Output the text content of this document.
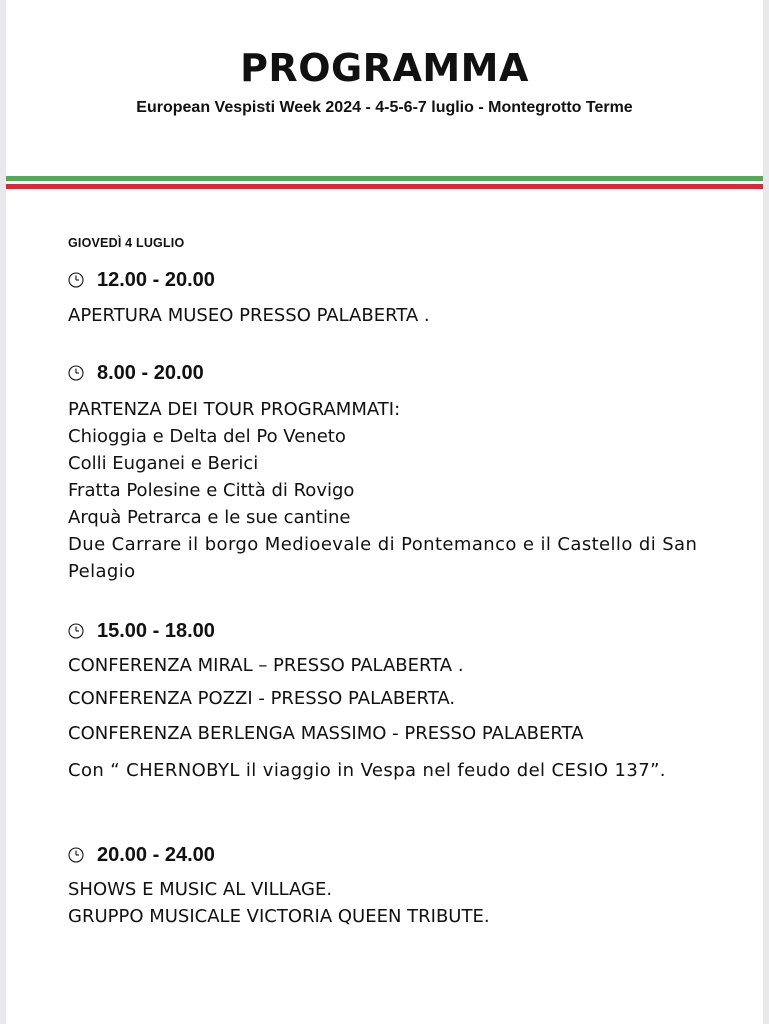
PROGRAMMA
European Vespisti Week 2024 - 4-5-6-7 luglio - Montegrotto Terme
GIOVEDÌ 4 LUGLIO
12.00 - 20.00
APERTURA MUSEO PRESSO PALABERTA .
8.00 - 20.00
PARTENZA DEI TOUR PROGRAMMATI:
Chioggia e Delta del Po Veneto
Colli Euganei e Berici
Fratta Polesine e Città di Rovigo
Arquà Petrarca e le sue cantine
Due Carrare il borgo Medioevale di Pontemanco e il Castello di San Pelagio
15.00 - 18.00
CONFERENZA MIRAL – PRESSO PALABERTA .
CONFERENZA POZZI - PRESSO PALABERTA.
CONFERENZA BERLENGA MASSIMO - PRESSO PALABERTA
Con “ CHERNOBYL il viaggio in Vespa nel feudo del CESIO 137”.
20.00 - 24.00
SHOWS E MUSIC AL VILLAGE.
GRUPPO MUSICALE VICTORIA QUEEN TRIBUTE.
